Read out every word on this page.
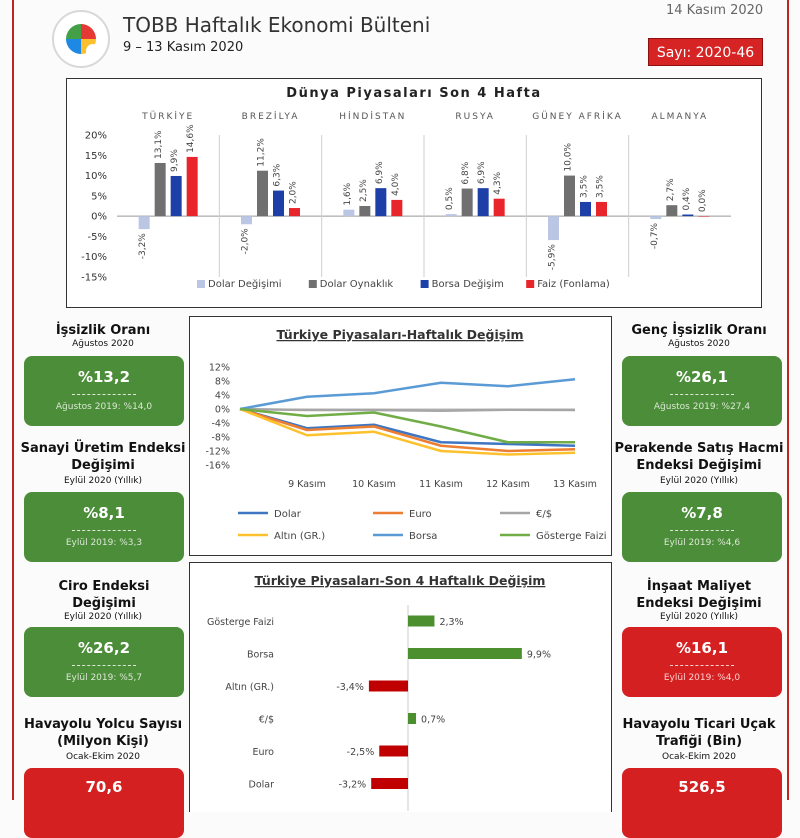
TOBB Haftalık Ekonomi Bülteni
9 – 13 Kasım 2020
14 Kasım 2020
Sayı: 2020-46
Dünya Piyasaları Son 4 Hafta
20%
15%
10%
5%
0%
-5%
-10%
-15%
TÜRKİYE	BREZİLYA	HİNDİSTAN	RUSYA	GÜNEY AFRİKA	ALMANYA
-3,2%	-2,0%
1,6%	0,5%
-5,9%
-0,7%
13,1%	11,2%
2,5%
6,8%
10,0%
2,7%
9,9%
6,3%	6,9%	6,9%
3,5%
0,4%
14,6%
2,0%	4,0%	4,3%	3,5%
0,0%
Dolar Değişimi	Dolar Oynaklık	Borsa Değişim	Faiz (Fonlama)
Türkiye Piyasaları-Haftalık Değişim
12%
8%
4%
0%
-4%
-8%
-12%
-16%
9 Kasım	10 Kasım 11 Kasım 12 Kasım 13 Kasım
Dolar	Euro	€/$
Altın (GR.)	Borsa	Gösterge Faizi
Türkiye Piyasaları-Son 4 Haftalık Değişim
Gösterge Faizi	2,3%
Borsa	9,9%
Altın (GR.)	-3,4%
€/$	0,7%
Euro	-2,5%
Dolar	-3,2%
İşsizlik Oranı
Ağustos 2020
%13,2
Ağustos 2019: %14,0
Sanayi Üretim Endeksi Değişimi
Eylül 2020 (Yıllık)
%8,1
Eylül 2019: %3,3
Ciro Endeksi Değişimi
Eylül 2020 (Yıllık)
%26,2
Eylül 2019: %5,7
Havayolu Yolcu Sayısı (Milyon Kişi)
Ocak-Ekim 2020
70,6
Genç İşsizlik Oranı
Ağustos 2020
%26,1
Ağustos 2019: %27,4
Perakende Satış Hacmi Endeksi Değişimi
Eylül 2020 (Yıllık)
%7,8
Eylül 2019: %4,6
İnşaat Maliyet Endeksi Değişimi
Eylül 2020 (Yıllık)
%16,1
Eylül 2019: %4,0
Havayolu Ticari Uçak Trafiği (Bin)
Ocak-Ekim 2020
526,5
